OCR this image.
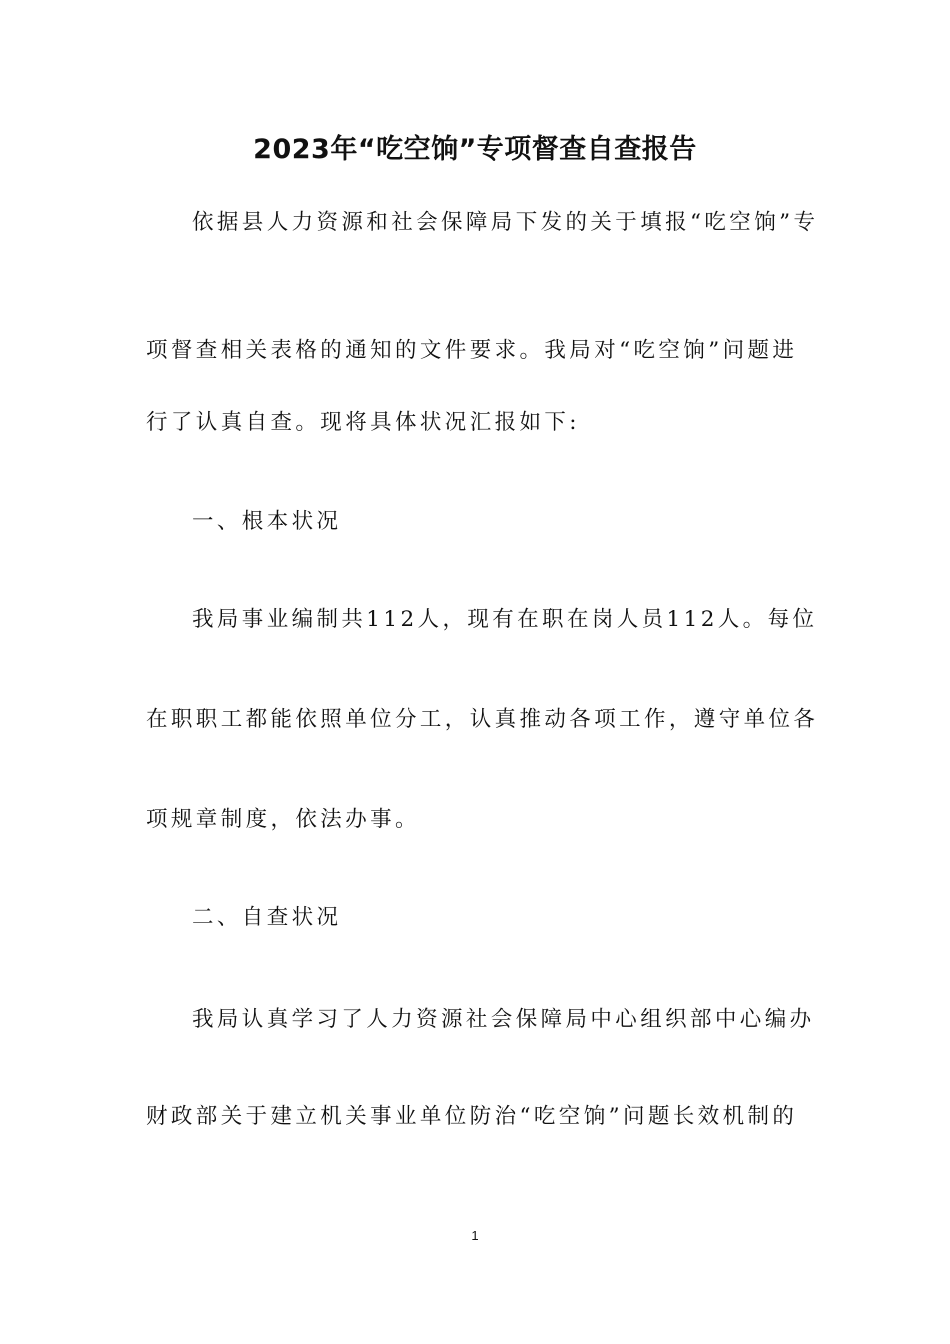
2023年“吃空饷”专项督查自查报告
依据县人力资源和社会保障局下发的关于填报“吃空饷”专
项督查相关表格的通知的文件要求。我局对“吃空饷”问题进
行了认真自查。现将具体状况汇报如下:
一、根本状况
我局事业编制共112人，现有在职在岗人员112人。每位
在职职工都能依照单位分工，认真推动各项工作，遵守单位各
项规章制度，依法办事。
二、自查状况
我局认真学习了人力资源社会保障局中心组织部中心编办
财政部关于建立机关事业单位防治“吃空饷”问题长效机制的
1
